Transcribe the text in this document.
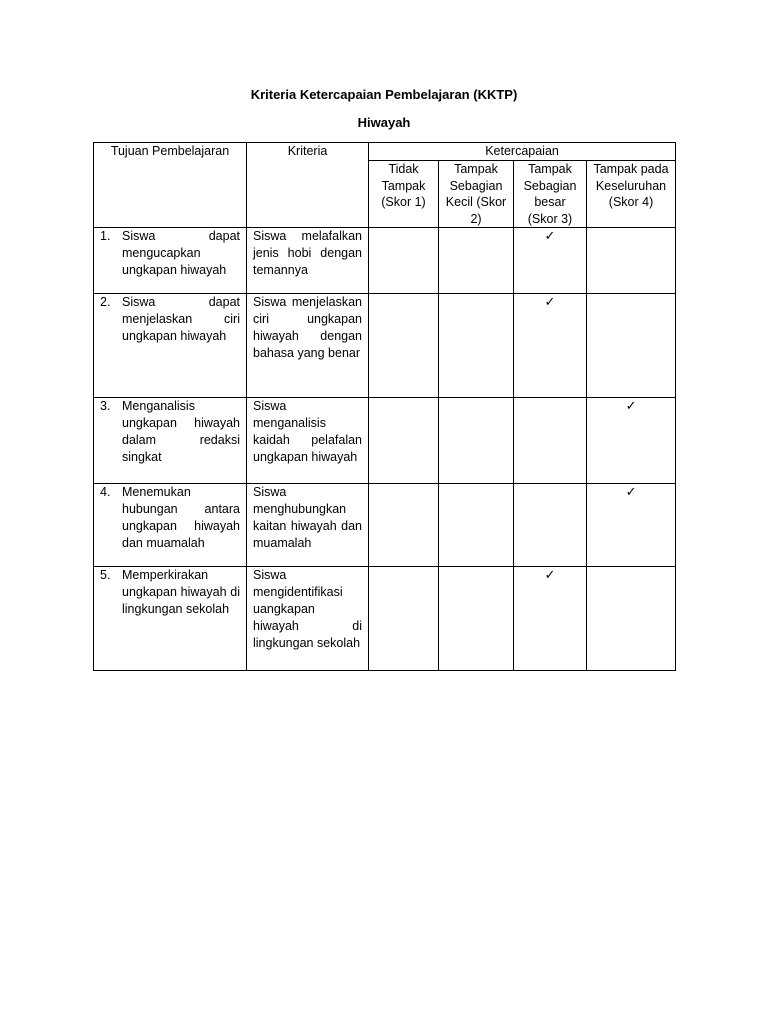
Kriteria Ketercapaian Pembelajaran (KKTP)
Hiwayah
Tujuan Pembelajaran	Kriteria	Ketercapaian			
		Tidak Tampak (Skor 1)	Tampak Sebagian Kecil (Skor 2)	Tampak Sebagian besar (Skor 3)	Tampak pada Keseluruhan (Skor 4)
1. Siswa dapat mengucapkan ungkapan hiwayah	Siswa melafalkan jenis hobi dengan temannya			✓	
2. Siswa dapat menjelaskan ciri ungkapan hiwayah	Siswa menjelaskan ciri ungkapan hiwayah dengan bahasa yang benar			✓	
3. Menganalisis ungkapan hiwayah dalam redaksi singkat	Siswa menganalisis kaidah pelafalan ungkapan hiwayah				✓
4. Menemukan hubungan antara ungkapan hiwayah dan muamalah	Siswa menghubungkan kaitan hiwayah dan muamalah				✓
5. Memperkirakan ungkapan hiwayah di lingkungan sekolah	Siswa mengidentifikasi uangkapan hiwayah di lingkungan sekolah			✓	
